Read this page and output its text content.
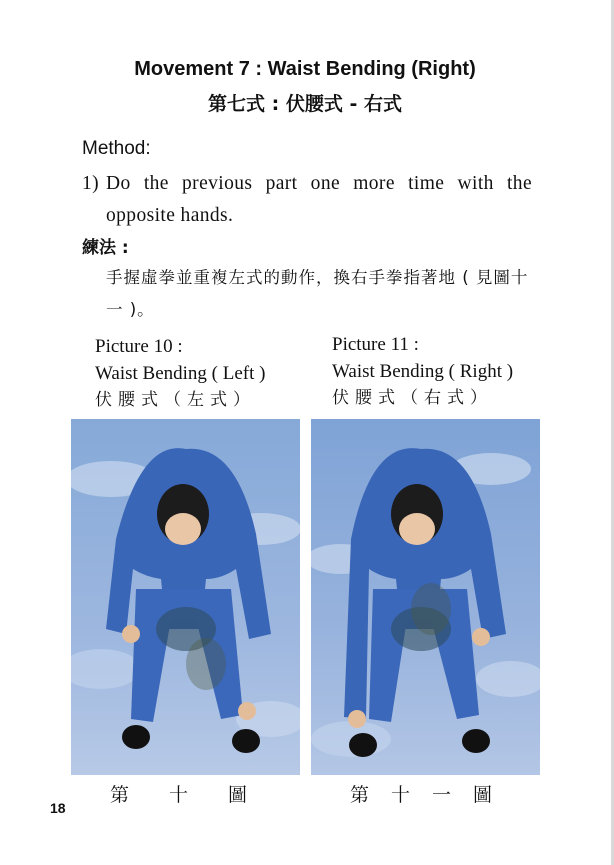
Movement 7 : Waist Bending (Right)
第七式 : 伏腰式 - 右式
Method:
1) Do the previous part one more time with the opposite hands.
練法 :
手握虛拳並重複左式的動作，換右手拳指著地 ( 見圖十一 )。
Picture 10 :
Waist Bending ( Left )
伏腰式（左式）
Picture 11 :
Waist Bending ( Right )
伏腰式（右式）
第十圖	第十一圖
18
